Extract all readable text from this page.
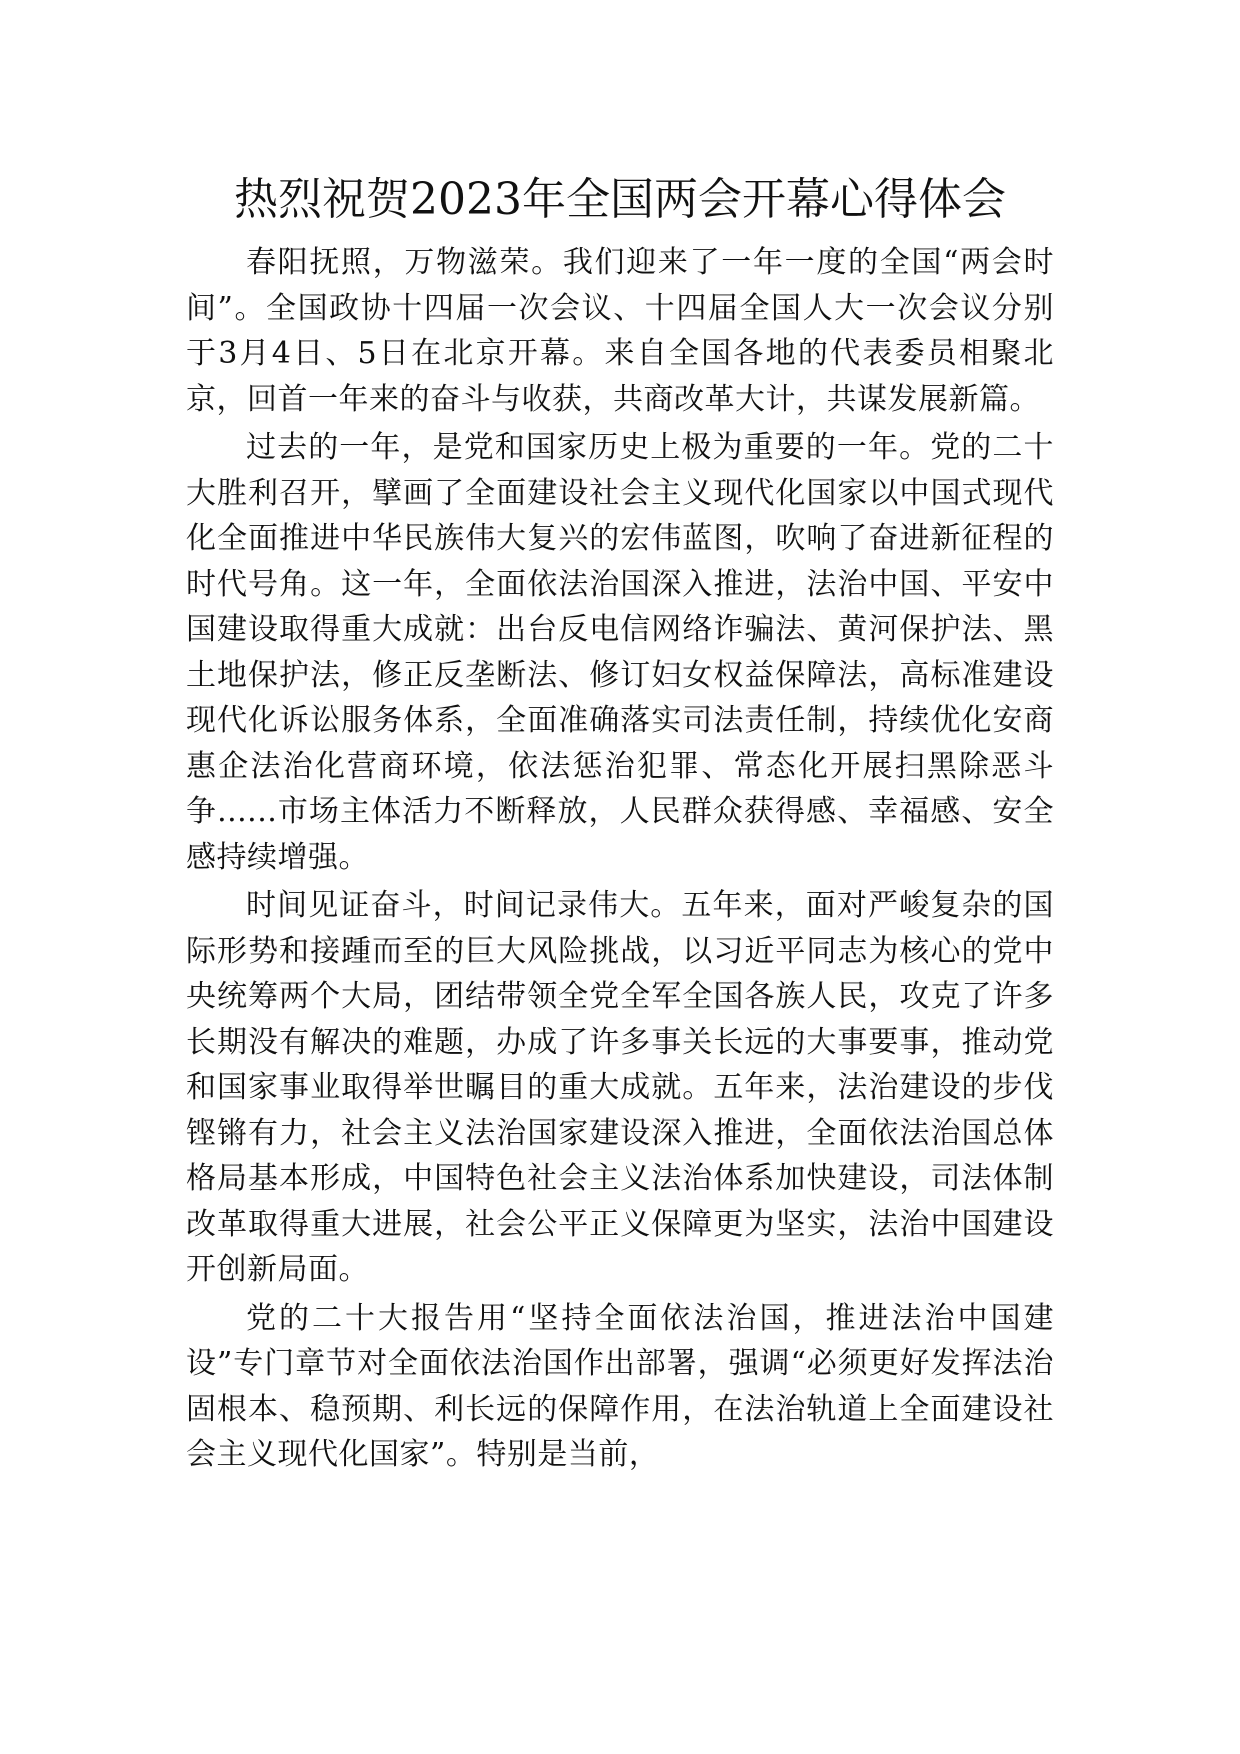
热烈祝贺2023年全国两会开幕心得体会

春阳抚照，万物滋荣。我们迎来了一年一度的全国“两会时间”。全国政协十四届一次会议、十四届全国人大一次会议分别于3月4日、5日在北京开幕。来自全国各地的代表委员相聚北京，回首一年来的奋斗与收获，共商改革大计，共谋发展新篇。

过去的一年，是党和国家历史上极为重要的一年。党的二十大胜利召开，擘画了全面建设社会主义现代化国家以中国式现代化全面推进中华民族伟大复兴的宏伟蓝图，吹响了奋进新征程的时代号角。这一年，全面依法治国深入推进，法治中国、平安中国建设取得重大成就：出台反电信网络诈骗法、黄河保护法、黑土地保护法，修正反垄断法、修订妇女权益保障法，高标准建设现代化诉讼服务体系，全面准确落实司法责任制，持续优化安商惠企法治化营商环境，依法惩治犯罪、常态化开展扫黑除恶斗争......市场主体活力不断释放，人民群众获得感、幸福感、安全感持续增强。

时间见证奋斗，时间记录伟大。五年来，面对严峻复杂的国际形势和接踵而至的巨大风险挑战，以习近平同志为核心的党中央统筹两个大局，团结带领全党全军全国各族人民，攻克了许多长期没有解决的难题，办成了许多事关长远的大事要事，推动党和国家事业取得举世瞩目的重大成就。五年来，法治建设的步伐铿锵有力，社会主义法治国家建设深入推进，全面依法治国总体格局基本形成，中国特色社会主义法治体系加快建设，司法体制改革取得重大进展，社会公平正义保障更为坚实，法治中国建设开创新局面。

党的二十大报告用“坚持全面依法治国，推进法治中国建设”专门章节对全面依法治国作出部署，强调“必须更好发挥法治固根本、稳预期、利长远的保障作用，在法治轨道上全面建设社会主义现代化国家”。特别是当前，
